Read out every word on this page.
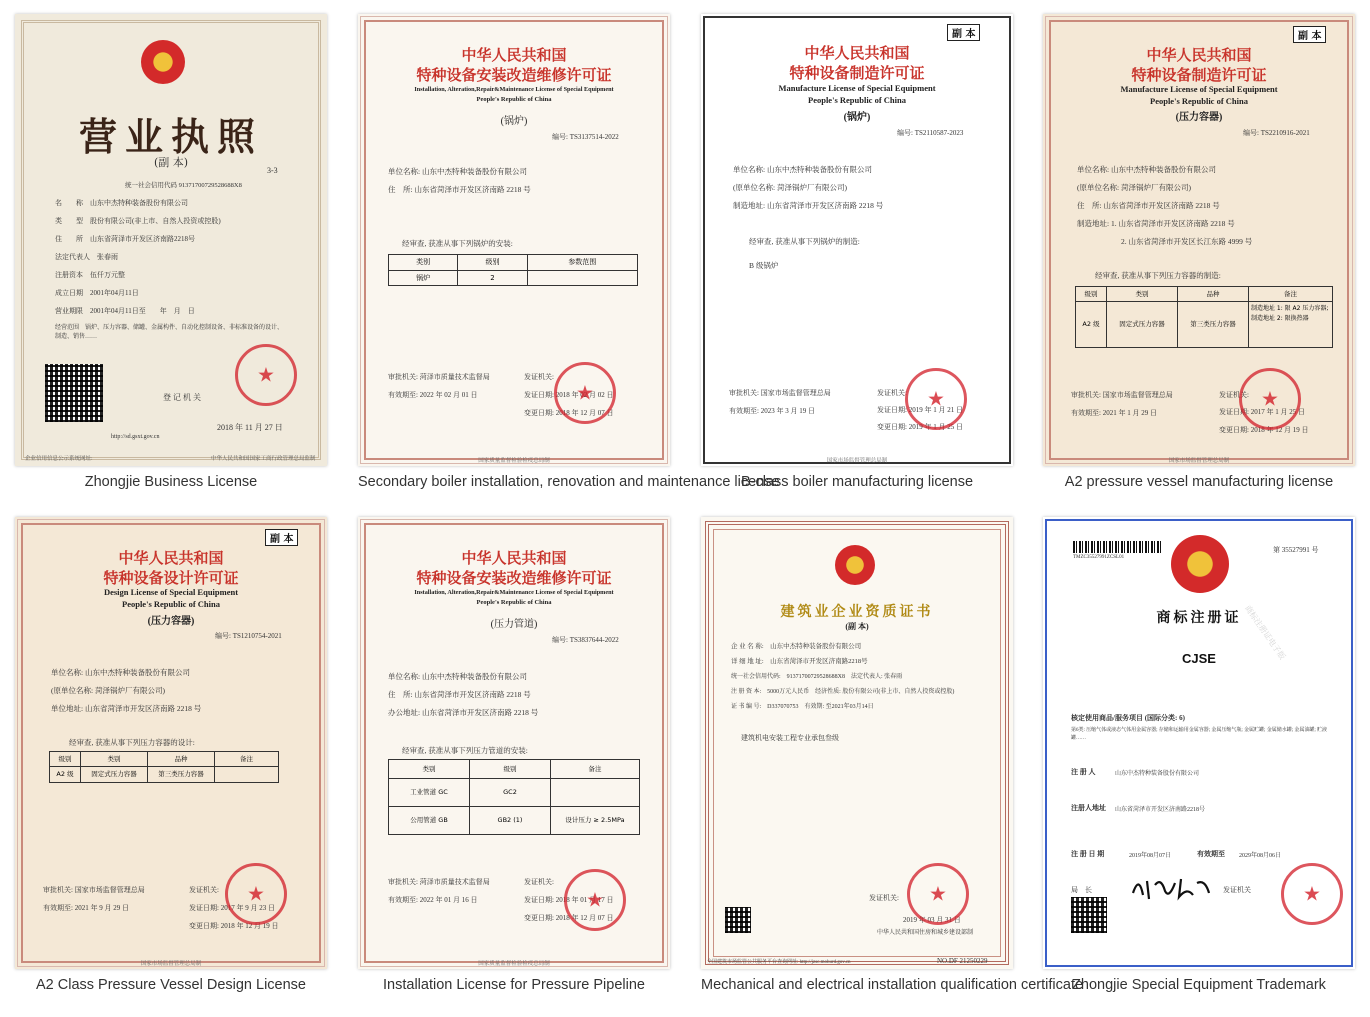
营业执照
(副 本)
3-3
统一社会信用代码 91371700729528688X8
名　　称　山东中杰特种装备股份有限公司
类　　型　股份有限公司(非上市、自然人投资或控股)
住　　所　山东省菏泽市开发区济南路2218号
法定代表人　张春雨
注册资本　伍仟万元整
成立日期　2001年04月11日
营业期限　2001年04月11日至　　年　月　日
经营范围　锅炉、压力容器、储罐、金属构件、自动化控制设备、非标准设备的设计、制造、销售……
★
登 记 机 关
2018 年 11 月 27 日
http://sd.gsxt.gov.cn
企业信用信息公示系统网址:	中华人民共和国国家工商行政管理总局监制
Zhongjie Business License
中华人民共和国
特种设备安装改造维修许可证
Installation, Alteration,Repair&Maintenance License of Special Equipment
People's Republic of China
(锅炉)
编号: TS3137514-2022
单位名称: 山东中杰特种装备股份有限公司
住　所: 山东省菏泽市开发区济南路 2218 号
经审查, 获准从事下列锅炉的安装:
类别	级别	参数范围
锅炉	2
审批机关: 菏泽市质量技术监督局
有效期至: 2022 年 02 月 01 日
发证机关:
发证日期: 2018 年 02 月 02 日
变更日期: 2018 年 12 月 07 日
★
国家质量监督检验检疫总局制
Secondary boiler installation, renovation and maintenance license
副 本
中华人民共和国
特种设备制造许可证
Manufacture License of Special Equipment
People's Republic of China
(锅炉)
编号: TS2110587-2023
单位名称: 山东中杰特种装备股份有限公司
(原单位名称: 菏泽锅炉厂有限公司)
制造地址: 山东省菏泽市开发区济南路 2218 号
经审查, 获准从事下列锅炉的制造:
B 级锅炉
审批机关: 国家市场监督管理总局
有效期至: 2023 年 3 月 19 日
发证机关:
发证日期: 2019 年 1 月 21 日
变更日期: 2019 年 1 月 25 日
★
国家市场监督管理总局制
B-class boiler manufacturing license
副 本
中华人民共和国
特种设备制造许可证
Manufacture License of Special Equipment
People's Republic of China
(压力容器)
编号: TS2210916-2021
单位名称: 山东中杰特种装备股份有限公司
(原单位名称: 菏泽锅炉厂有限公司)
住　所: 山东省菏泽市开发区济南路 2218 号
制造地址: 1. 山东省菏泽市开发区济南路 2218 号
2. 山东省菏泽市开发区长江东路 4999 号
经审查, 获准从事下列压力容器的制造:
级别	类别	品种	备注
A2 级	固定式压力容器	第三类压力容器
制造地址 1: 限 A2 压力容器; 制造地址 2: 限换热器
审批机关: 国家市场监督管理总局
有效期至: 2021 年 1 月 29 日
发证机关:
发证日期: 2017 年 1 月 25 日
变更日期: 2018 年 12 月 19 日
★
国家市场监督管理总局制
A2 pressure vessel manufacturing license
副 本
中华人民共和国
特种设备设计许可证
Design License of Special Equipment
People's Republic of China
(压力容器)
编号: TS1210754-2021
单位名称: 山东中杰特种装备股份有限公司
(原单位名称: 菏泽锅炉厂有限公司)
单位地址: 山东省菏泽市开发区济南路 2218 号
经审查, 获准从事下列压力容器的设计:
级别	类别	品种	备注
A2 级	固定式压力容器	第三类压力容器
审批机关: 国家市场监督管理总局
有效期至: 2021 年 9 月 29 日
发证机关:
发证日期: 2017 年 9 月 23 日
变更日期: 2018 年 12 月 19 日
★
国家市场监督管理总局制
A2 Class Pressure Vessel Design License
中华人民共和国
特种设备安装改造维修许可证
Installation, Alteration,Repair&Maintenance License of Special Equipment
People's Republic of China
(压力管道)
编号: TS3837644-2022
单位名称: 山东中杰特种装备股份有限公司
住　所: 山东省菏泽市开发区济南路 2218 号
办公地址: 山东省菏泽市开发区济南路 2218 号
经审查, 获准从事下列压力管道的安装:
类别	级别	备注
工业管道 GC	GC2
公用管道 GB	GB2 (1)	设计压力 ≥ 2.5MPa
审批机关: 菏泽市质量技术监督局
有效期至: 2022 年 01 月 16 日
发证机关:
发证日期: 2018 年 01 月 17 日
变更日期: 2018 年 12 月 07 日
★
国家质量监督检验检疫总局制
Installation License for Pressure Pipeline
建筑业企业资质证书
(副 本)
企 业 名 称:　山东中杰特种装备股份有限公司
详 细 地 址:　山东省菏泽市开发区济南路2218号
统一社会信用代码:　91371700729528688X8　法定代表人: 张春雨
注 册 资 本:　5000万元人民币　经济性质: 股份有限公司(非上市、自然人投资或控股)
证 书 编 号:　D337070753　有效期: 至2021年03月14日
建筑机电安装工程专业承包叁级
发证机关:
2019 年 03 月 31 日
中华人民共和国住房和城乡建设部制
★
全国建筑市场监管公共服务平台查询网址: http://jzsc.mohurd.gov.cn	NO.DF 21250229
Mechanical and electrical installation qualification certificate
TMZC35527991ZCSL01
第 35527991 号
商标注册证
CJSE
核定使用商品/服务项目 (国际分类: 6)
第6类: 压缩气体或液态气体用金属容器; 存储和运输用金属容器; 金属压缩气瓶; 金属贮罐; 金属储水罐; 金属油罐; 贮液罐……
注 册 人	山东中杰特种装备股份有限公司
注册人地址 山东省菏泽市开发区济南路2218号
注 册 日 期	2019年08月07日	有效期至 2029年08月06日
局　长	发证机关
★
商标注册证电子版
Zhongjie Special Equipment Trademark
